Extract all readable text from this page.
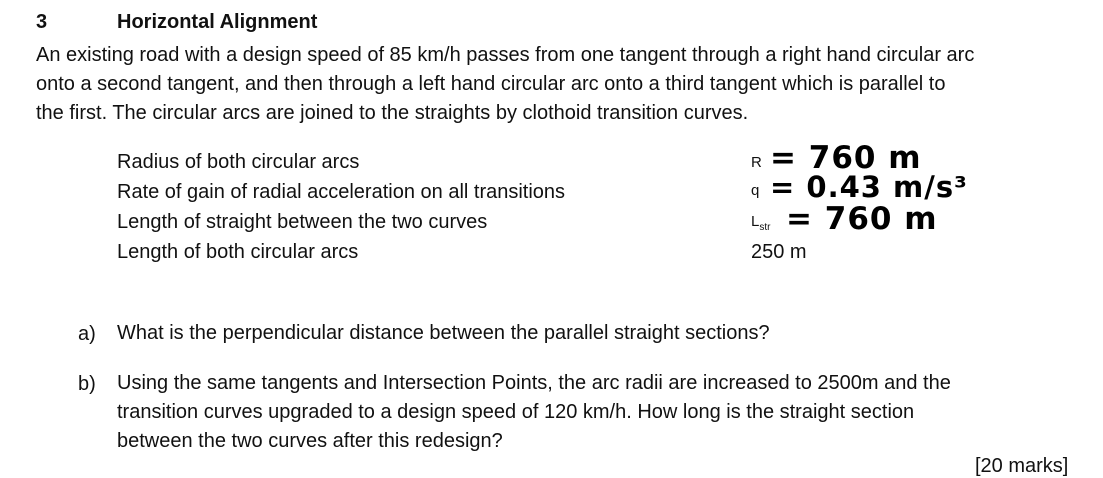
3	Horizontal Alignment
An existing road with a design speed of 85 km/h passes from one tangent through a right hand circular arc
onto a second tangent, and then through a left hand circular arc onto a third tangent which is parallel to
the first. The circular arcs are joined to the straights by clothoid transition curves.
Radius of both circular arcs
Rate of gain of radial acceleration on all transitions
Length of straight between the two curves
Length of both circular arcs
R
q
$L_{str}$
= 760 m
= 0.43 m/s³
= 760 m
250 m
a) What is the perpendicular distance between the parallel straight sections?
b) Using the same tangents and Intersection Points, the arc radii are increased to 2500m and the
transition curves upgraded to a design speed of 120 km/h. How long is the straight section
between the two curves after this redesign?
[20 marks]
